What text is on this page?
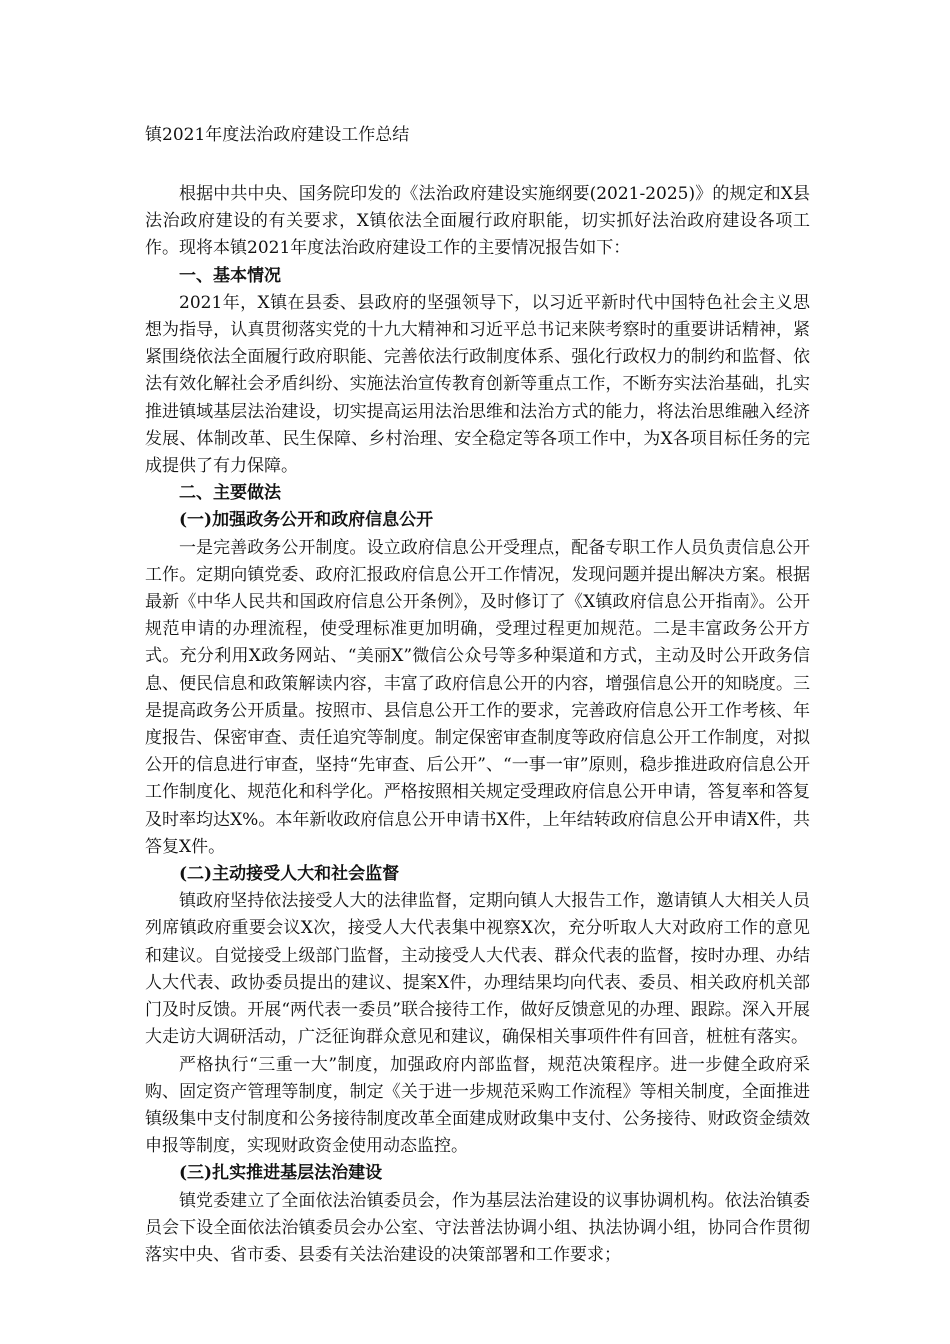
镇2021年度法治政府建设工作总结

根据中共中央、国务院印发的《法治政府建设实施纲要(2021-2025)》的规定和X县法治政府建设的有关要求，X镇依法全面履行政府职能，切实抓好法治政府建设各项工作。现将本镇2021年度法治政府建设工作的主要情况报告如下：

一、基本情况

2021年，X镇在县委、县政府的坚强领导下，以习近平新时代中国特色社会主义思想为指导，认真贯彻落实党的十九大精神和习近平总书记来陕考察时的重要讲话精神，紧紧围绕依法全面履行政府职能、完善依法行政制度体系、强化行政权力的制约和监督、依法有效化解社会矛盾纠纷、实施法治宣传教育创新等重点工作，不断夯实法治基础，扎实推进镇域基层法治建设，切实提高运用法治思维和法治方式的能力，将法治思维融入经济发展、体制改革、民生保障、乡村治理、安全稳定等各项工作中，为X各项目标任务的完成提供了有力保障。

二、主要做法

(一)加强政务公开和政府信息公开

一是完善政务公开制度。设立政府信息公开受理点，配备专职工作人员负责信息公开工作。定期向镇党委、政府汇报政府信息公开工作情况，发现问题并提出解决方案。根据最新《中华人民共和国政府信息公开条例》，及时修订了《X镇政府信息公开指南》。公开规范申请的办理流程，使受理标准更加明确，受理过程更加规范。二是丰富政务公开方式。充分利用X政务网站、“美丽X”微信公众号等多种渠道和方式，主动及时公开政务信息、便民信息和政策解读内容，丰富了政府信息公开的内容，增强信息公开的知晓度。三是提高政务公开质量。按照市、县信息公开工作的要求，完善政府信息公开工作考核、年度报告、保密审查、责任追究等制度。制定保密审查制度等政府信息公开工作制度，对拟公开的信息进行审查，坚持“先审查、后公开”、“一事一审”原则，稳步推进政府信息公开工作制度化、规范化和科学化。严格按照相关规定受理政府信息公开申请，答复率和答复及时率均达X%。本年新收政府信息公开申请书X件，上年结转政府信息公开申请X件，共答复X件。

(二)主动接受人大和社会监督

镇政府坚持依法接受人大的法律监督，定期向镇人大报告工作，邀请镇人大相关人员列席镇政府重要会议X次，接受人大代表集中视察X次，充分听取人大对政府工作的意见和建议。自觉接受上级部门监督，主动接受人大代表、群众代表的监督，按时办理、办结人大代表、政协委员提出的建议、提案X件，办理结果均向代表、委员、相关政府机关部门及时反馈。开展“两代表一委员”联合接待工作，做好反馈意见的办理、跟踪。深入开展大走访大调研活动，广泛征询群众意见和建议，确保相关事项件件有回音，桩桩有落实。

严格执行“三重一大”制度，加强政府内部监督，规范决策程序。进一步健全政府采购、固定资产管理等制度，制定《关于进一步规范采购工作流程》等相关制度，全面推进镇级集中支付制度和公务接待制度改革全面建成财政集中支付、公务接待、财政资金绩效申报等制度，实现财政资金使用动态监控。

(三)扎实推进基层法治建设

镇党委建立了全面依法治镇委员会，作为基层法治建设的议事协调机构。依法治镇委员会下设全面依法治镇委员会办公室、守法普法协调小组、执法协调小组，协同合作贯彻落实中央、省市委、县委有关法治建设的决策部署和工作要求；
